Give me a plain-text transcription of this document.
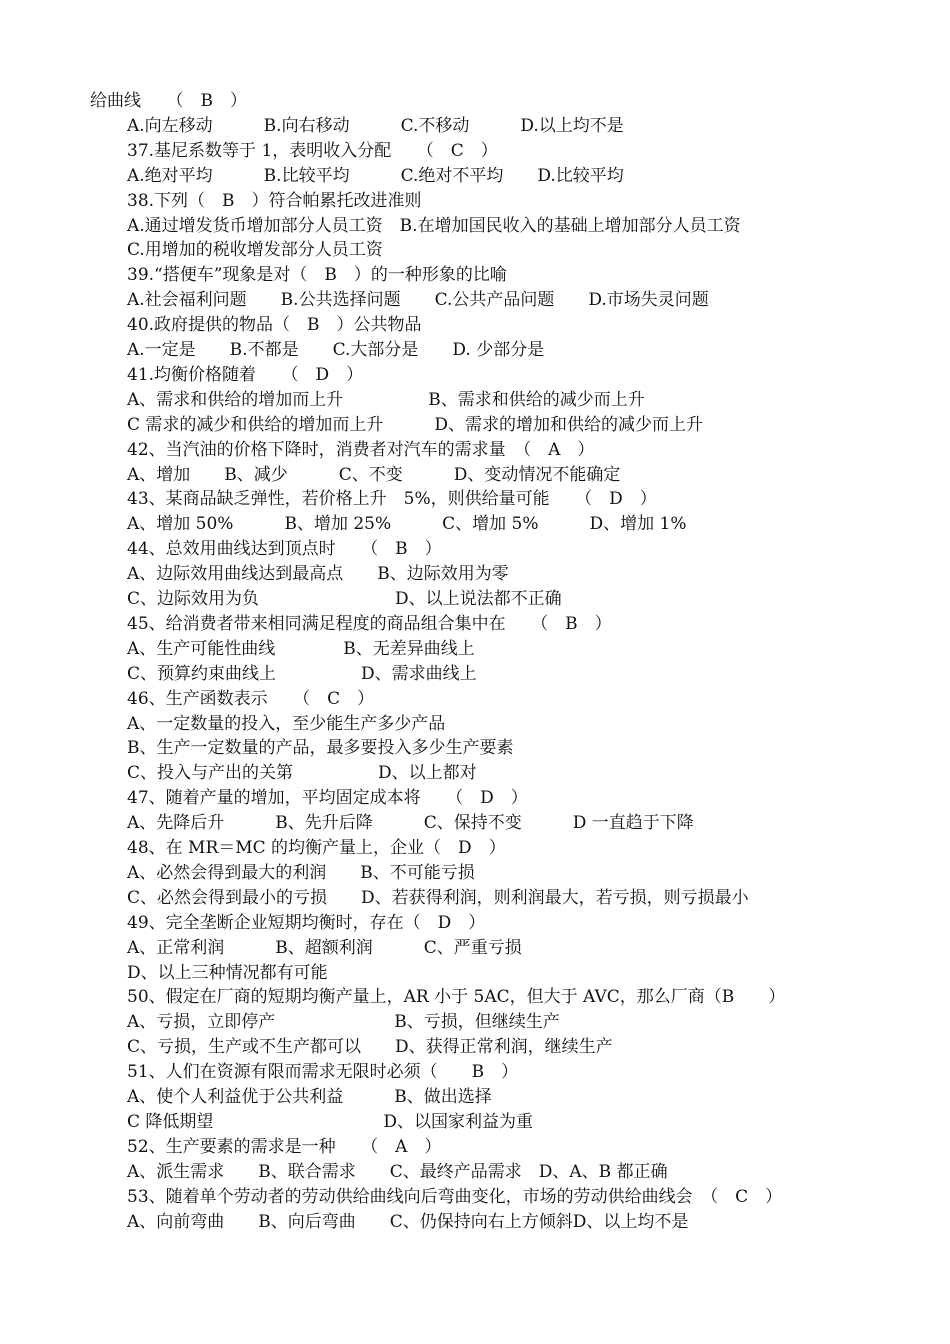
给曲线　　（　B　）
A.向左移动　　　B.向右移动　　　C.不移动　　　D.以上均不是
37.基尼系数等于 1，表明收入分配　　（　C　）
A.绝对平均　　　B.比较平均　　　C.绝对不平均　　D.比较平均
38.下列（　B　）符合帕累托改进准则
A.通过增发货币增加部分人员工资　B.在增加国民收入的基础上增加部分人员工资
C.用增加的税收增发部分人员工资
39.“搭便车”现象是对（　B　）的一种形象的比喻
A.社会福利问题　　B.公共选择问题　　C.公共产品问题　　D.市场失灵问题
40.政府提供的物品（　B　）公共物品
A.一定是　　B.不都是　　C.大部分是　　D. 少部分是
41.均衡价格随着　　（　D　）
A、需求和供给的增加而上升　　　　　B、需求和供给的减少而上升
C 需求的减少和供给的增加而上升　　　D、需求的增加和供给的减少而上升
42、当汽油的价格下降时，消费者对汽车的需求量　（　A　）
A、增加　　B、减少　　　C、不变　　　D、变动情况不能确定
43、某商品缺乏弹性，若价格上升　5%，则供给量可能　　（　D　）
A、增加 50%　　　B、增加 25%　　　C、增加 5%　　　D、增加 1%
44、总效用曲线达到顶点时　　（　B　）
A、边际效用曲线达到最高点　　B、边际效用为零
C、边际效用为负　　　　　　　　D、以上说法都不正确
45、给消费者带来相同满足程度的商品组合集中在　　（　B　）
A、生产可能性曲线　　　　B、无差异曲线上
C、预算约束曲线上　　　　　D、需求曲线上
46、生产函数表示　　（　C　）
A、一定数量的投入，至少能生产多少产品
B、生产一定数量的产品，最多要投入多少生产要素
C、投入与产出的关第　　　　　D、以上都对
47、随着产量的增加，平均固定成本将　　（　D　）
A、先降后升　　　B、先升后降　　　C、保持不变　　　D 一直趋于下降
48、在 MR＝MC 的均衡产量上，企业（　D　）
A、必然会得到最大的利润　　B、不可能亏损
C、必然会得到最小的亏损　　D、若获得利润，则利润最大，若亏损，则亏损最小
49、完全垄断企业短期均衡时，存在（　D　）
A、正常利润　　　B、超额利润　　　C、严重亏损
D、以上三种情况都有可能
50、假定在厂商的短期均衡产量上，AR 小于 5AC，但大于 AVC，那么厂商（B　　）
A、亏损，立即停产　　　　　　　B、亏损，但继续生产
C、亏损，生产或不生产都可以　　D、获得正常利润，继续生产
51、人们在资源有限而需求无限时必须（　　B　）
A、使个人利益优于公共利益　　　B、做出选择
C 降低期望　　　　　　　　　　D、以国家利益为重
52、生产要素的需求是一种　　（　A　）
A、派生需求　　B、联合需求　　C、最终产品需求　D、A、B 都正确
53、随着单个劳动者的劳动供给曲线向后弯曲变化，市场的劳动供给曲线会　（　C　）
A、向前弯曲　　B、向后弯曲　　C、仍保持向右上方倾斜D、以上均不是
